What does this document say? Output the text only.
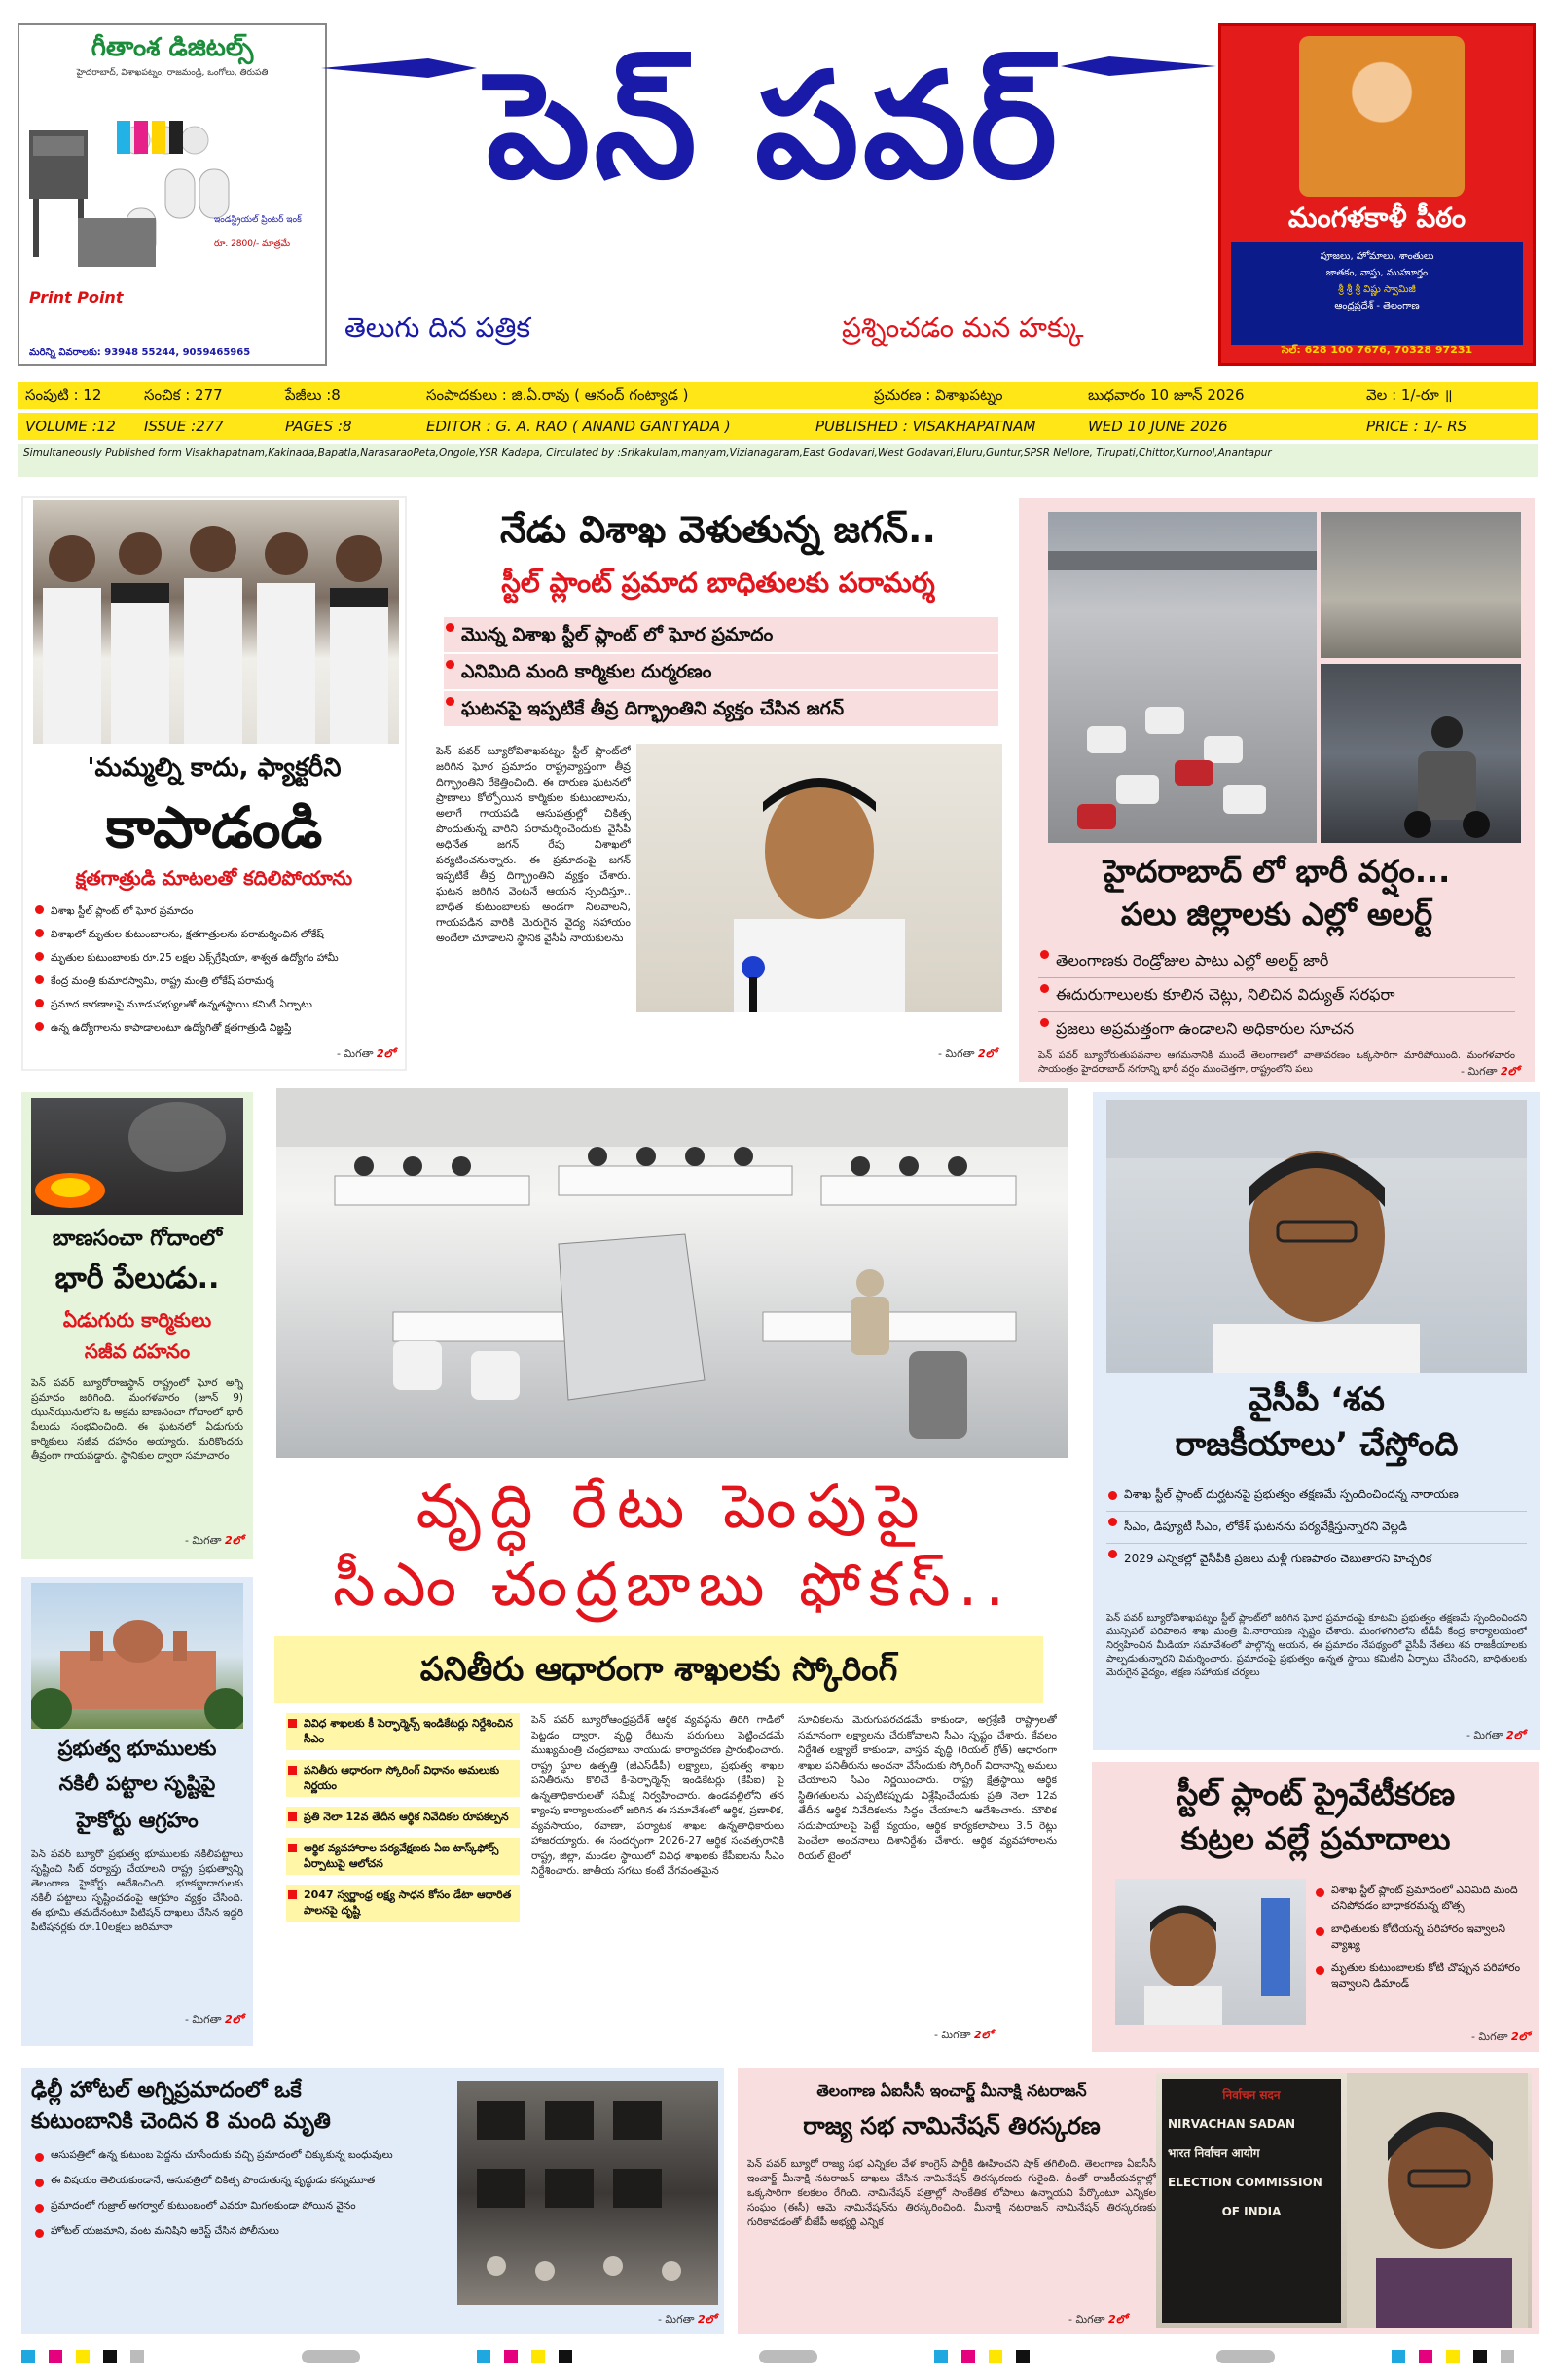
గీతాంశ డిజిటల్స్
హైదరాబాద్, విశాఖపట్నం, రాజమండ్రి, ఒంగోలు, తిరుపతి
ఇండస్ట్రియల్ ప్రింటర్ ఇంక్
రూ. 2800/- మాత్రమే
Print Point
మరిన్ని వివరాలకు: 93948 55244, 9059465965
పెన్ పవర్
తెలుగు దిన పత్రిక	ప్రశ్నించడం మన హక్కు
మంగళకాళీ పీఠం
పూజలు, హోమాలు, శాంతులు
జాతకం, వాస్తు, ముహూర్తం
శ్రీ శ్రీ శ్రీ విష్ణు స్వామిజీ
ఆంధ్రప్రదేశ్ - తెలంగాణ
సెల్: 628 100 7676, 70328 97231
సంపుటి : 12	సంచిక : 277	పేజీలు :8	సంపాదకులు : జి.ఏ.రావు ( ఆనంద్ గంట్యాడ )	ప్రచురణ : విశాఖపట్నం	బుధవారం 10 జూన్ 2026	వెల : 1/-రూ ॥
VOLUME :12 ISSUE :277	PAGES :8	EDITOR : G. A. RAO ( ANAND GANTYADA )	PUBLISHED : VISAKHAPATNAM	WED 10 JUNE 2026	PRICE : 1/- RS
Simultaneously Published form Visakhapatnam,Kakinada,Bapatla,NarasaraoPeta,Ongole,YSR Kadapa, Circulated by :Srikakulam,manyam,Vizianagaram,East Godavari,West Godavari,Eluru,Guntur,SPSR Nellore, Tirupati,Chittor,Kurnool,Anantapur
'మమ్మల్ని కాదు, ఫ్యాక్టరీని
కాపాడండి
క్షతగాత్రుడి మాటలతో కదిలిపోయాను
విశాఖ స్టీల్ ప్లాంట్ లో ఘోర ప్రమాదం
విశాఖలో మృతుల కుటుంబాలను, క్షతగాత్రులను పరామర్శించిన లోకేష్
మృతుల కుటుంబాలకు రూ.25 లక్షల ఎక్స్‌గ్రేషియా, శాశ్వత ఉద్యోగం హామీ
కేంద్ర మంత్రి కుమారస్వామి, రాష్ట్ర మంత్రి లోకేష్ పరామర్శ
ప్రమాద కారణాలపై మూడుసభ్యులతో ఉన్నతస్థాయి కమిటీ ఏర్పాటు
ఉన్న ఉద్యోగాలను కాపాడాలంటూ ఉద్యోగితో క్షతగాత్రుడి విజ్ఞప్తి
- మిగతా 2లో
నేడు విశాఖ వెళుతున్న జగన్..
స్టీల్ ప్లాంట్ ప్రమాద బాధితులకు పరామర్శ
మొన్న విశాఖ స్టీల్ ప్లాంట్ లో ఘోర ప్రమాదం
ఎనిమిది మంది కార్మికుల దుర్మరణం
ఘటనపై ఇప్పటికే తీవ్ర దిగ్భ్రాంతిని వ్యక్తం చేసిన జగన్
పెన్ పవర్ బ్యూరోవిశాఖపట్నం స్టీల్ ప్లాంట్‌లో జరిగిన ఘోర ప్రమాదం రాష్ట్రవ్యాప్తంగా తీవ్ర దిగ్భ్రాంతిని రేకెత్తించింది. ఈ దారుణ ఘటనలో ప్రాణాలు కోల్పోయిన కార్మికుల కుటుంబాలను, అలాగే గాయపడి ఆసుపత్రుల్లో చికిత్స పొందుతున్న వారిని పరామర్శించేందుకు వైసీపీ అధినేత జగన్ రేపు విశాఖలో పర్యటించనున్నారు. ఈ ప్రమాదంపై జగన్ ఇప్పటికే తీవ్ర దిగ్భ్రాంతిని వ్యక్తం చేశారు. ఘటన జరిగిన వెంటనే ఆయన స్పందిస్తూ.. బాధిత కుటుంబాలకు అండగా నిలవాలని, గాయపడిన వారికి మెరుగైన వైద్య సహాయం అందేలా చూడాలని స్థానిక వైసీపీ నాయకులను
- మిగతా 2లో
హైదరాబాద్ లో భారీ వర్షం...
పలు జిల్లాలకు ఎల్లో అలర్ట్
తెలంగాణకు రెండ్రోజుల పాటు ఎల్లో అలర్ట్ జారీ
ఈదురుగాలులకు కూలిన చెట్లు, నిలిచిన విద్యుత్ సరఫరా
ప్రజలు అప్రమత్తంగా ఉండాలని అధికారుల సూచన
పెన్ పవర్ బ్యూరోరుతుపవనాల ఆగమనానికి ముందే తెలంగాణలో వాతావరణం ఒక్కసారిగా మారిపోయింది. మంగళవారం సాయంత్రం హైదరాబాద్ నగరాన్ని భారీ వర్షం ముంచెత్తగా, రాష్ట్రంలోని పలు	- మిగతా 2లో
బాణసంచా గోదాంలో
భారీ పేలుడు..
ఏడుగురు కార్మికులు
సజీవ దహనం
పెన్ పవర్ బ్యూరోరాజస్థాన్ రాష్ట్రంలో ఘోర అగ్ని ప్రమాదం జరిగింది. మంగళవారం (జూన్ 9) ఝున్‌ఝునులోని ఓ అక్రమ బాణసంచా గోదాంలో భారీ పేలుడు సంభవించింది. ఈ ఘటనలో ఏడుగురు కార్మికులు సజీవ దహనం అయ్యారు. మరికొందరు తీవ్రంగా గాయపడ్డారు. స్థానికుల ద్వారా సమాచారం
- మిగతా 2లో	వృద్ధి రేటు పెంపుపై
సీఎం చంద్రబాబు ఫోకస్..
పనితీరు ఆధారంగా శాఖలకు స్కోరింగ్
వివిధ శాఖలకు కీ పెర్ఫార్మెన్స్ ఇండికేటర్లు నిర్దేశించిన సీఎం
పనితీరు ఆధారంగా స్కోరింగ్ విధానం అమలుకు నిర్ణయం
ప్రతి నెలా 12వ తేదీన ఆర్థిక నివేదికల రూపకల్పన
ఆర్థిక వ్యవహారాల పర్యవేక్షణకు ఏఐ టాస్క్‌ఫోర్స్ ఏర్పాటుపై ఆలోచన
2047 స్వర్ణాంధ్ర లక్ష్య సాధన కోసం డేటా ఆధారిత పాలనపై దృష్టి
పెన్ పవర్ బ్యూరోఆంధ్రప్రదేశ్ ఆర్థిక వ్యవస్థను తిరిగి గాడిలో పెట్టడం ద్వారా, వృద్ధి రేటును పరుగులు పెట్టించడమే ముఖ్యమంత్రి చంద్రబాబు నాయుడు కార్యాచరణ ప్రారంభించారు. రాష్ట్ర స్థూల ఉత్పత్తి (జీఎస్‌డీపీ) లక్ష్యాలు, ప్రభుత్వ శాఖల పనితీరును కొలిచే కీ-పెర్ఫార్మెన్స్ ఇండికేటర్లు (కేపీఐ) పై ఉన్నతాధికారులతో సమీక్ష నిర్వహించారు. ఉండవల్లిలోని తన క్యాంపు కార్యాలయంలో జరిగిన ఈ సమావేశంలో ఆర్థిక, ప్రణాళిక, వ్యవసాయం, రవాణా, పర్యాటక శాఖల ఉన్నతాధికారులు హాజరయ్యారు. ఈ సందర్భంగా 2026-27 ఆర్థిక సంవత్సరానికి రాష్ట్ర, జిల్లా, మండల స్థాయిలో వివిధ శాఖలకు కేపీఐలను సీఎం నిర్దేశించారు. జాతీయ సగటు కంటే వేగవంతమైన
సూచికలను మెరుగుపరచడమే కాకుండా, అగ్రశ్రేణి రాష్ట్రాలతో సమానంగా లక్ష్యాలను చేరుకోవాలని సీఎం స్పష్టం చేశారు. కేవలం నిర్దేశిత లక్ష్యాలే కాకుండా, వాస్తవ వృద్ధి (రియల్ గ్రోత్) ఆధారంగా శాఖల పనితీరును అంచనా వేసేందుకు స్కోరింగ్ విధానాన్ని అమలు చేయాలని సీఎం నిర్ణయించారు. రాష్ట్ర క్షేత్రస్థాయి ఆర్థిక స్థితిగతులను ఎప్పటికప్పుడు విశ్లేషించేందుకు ప్రతి నెలా 12వ తేదీన ఆర్థిక నివేదికలను సిద్ధం చేయాలని ఆదేశించారు. మౌలిక సదుపాయాలపై పెట్టే వ్యయం, ఆర్థిక కార్యకలాపాలు 3.5 రెట్లు పెంచేలా అంచనాలు దిశానిర్దేశం చేశారు. ఆర్థిక వ్యవహారాలను రియల్ టైంలో
- మిగతా 2లో
వైసీపీ ‘శవ
రాజకీయాలు’ చేస్తోంది
విశాఖ స్టీల్ ప్లాంట్ దుర్ఘటనపై ప్రభుత్వం తక్షణమే స్పందించిందన్న నారాయణ
సీఎం, డిప్యూటీ సీఎం, లోకేశ్ ఘటనను పర్యవేక్షిస్తున్నారని వెల్లడి
2029 ఎన్నికల్లో వైసీపీకి ప్రజలు మళ్లీ గుణపాఠం చెబుతారని హెచ్చరిక
పెన్ పవర్ బ్యూరోవిశాఖపట్నం స్టీల్ ప్లాంట్‌లో జరిగిన ఘోర ప్రమాదంపై కూటమి ప్రభుత్వం తక్షణమే స్పందించిందని మున్సిపల్ పరిపాలన శాఖ మంత్రి పి.నారాయణ స్పష్టం చేశారు. మంగళగిరిలోని టీడీపీ కేంద్ర కార్యాలయంలో నిర్వహించిన మీడియా సమావేశంలో పాల్గొన్న ఆయన, ఈ ప్రమాదం నేపథ్యంలో వైసీపీ నేతలు శవ రాజకీయాలకు పాల్పడుతున్నారని విమర్శించారు. ప్రమాదంపై ప్రభుత్వం ఉన్నత స్థాయి కమిటీని ఏర్పాటు చేసిందని, బాధితులకు మెరుగైన వైద్యం, తక్షణ సహాయక చర్యలు
- మిగతా 2లో
ప్రభుత్వ భూములకు
నకిలీ పట్టాల సృష్టిపై
హైకోర్టు ఆగ్రహం
పెన్ పవర్ బ్యూరో ప్రభుత్వ భూములకు నకిలీపట్టాలు సృష్టించి సిట్ దర్యాప్తు చేయాలని రాష్ట్ర ప్రభుత్వాన్ని తెలంగాణ హైకోర్టు ఆదేశించింది. భూకబ్జాదారులకు నకిలీ పట్టాలు సృష్టించడంపై ఆగ్రహం వ్యక్తం చేసింది. ఈ భూమి తమదేనంటూ పిటిషన్ దాఖలు చేసిన ఇద్దరి పిటిషనర్లకు రూ.10లక్షలు జరిమానా
- మిగతా 2లో
స్టీల్ ప్లాంట్ ప్రైవేటీకరణ
కుట్రల వల్లే ప్రమాదాలు
విశాఖ స్టీల్ ప్లాంట్ ప్రమాదంలో ఎనిమిది మంది చనిపోవడం బాధాకరమన్న బొత్స
బాధితులకు కోటియన్న పరిహారం ఇవ్వాలని వ్యాఖ్య
మృతుల కుటుంబాలకు కోటి చొప్పున పరిహారం ఇవ్వాలని డిమాండ్
- మిగతా 2లో
ఢిల్లీ హోటల్ అగ్నిప్రమాదంలో ఒకే
కుటుంబానికి చెందిన 8 మంది మృతి
ఆసుపత్రిలో ఉన్న కుటుంబ పెద్దను చూసేందుకు వచ్చి ప్రమాదంలో చిక్కుకున్న బంధువులు
ఈ విషయం తెలియకుండానే, ఆసుపత్రిలో చికిత్స పొందుతున్న వృద్ధుడు కన్నుమూత
ప్రమాదంలో గుజ్రాల్ అగర్వాల్ కుటుంబంలో ఎవరూ మిగలకుండా పోయిన వైనం
హోటల్ యజమాని, వంట మనిషిని అరెస్ట్ చేసిన పోలీసులు
- మిగతా 2లో
తెలంగాణ ఏఐసీసీ ఇంచార్జ్ మీనాక్షి నటరాజన్
రాజ్య సభ నామినేషన్ తిరస్కరణ
పెన్ పవర్ బ్యూరో రాజ్య సభ ఎన్నికల వేళ కాంగ్రెస్ పార్టీకి ఊహించని షాక్ తగిలింది. తెలంగాణ ఏఐసీసీ ఇంచార్జ్ మీనాక్షి నటరాజన్ దాఖలు చేసిన నామినేషన్ తిరస్కరణకు గురైంది. దీంతో రాజకీయవర్గాల్లో ఒక్కసారిగా కలకలం రేగింది. నామినేషన్ పత్రాల్లో సాంకేతిక లోపాలు ఉన్నాయని పేర్కొంటూ ఎన్నికల సంఘం (ఈసీ) ఆమె నామినేషన్‌ను తిరస్కరించింది. మీనాక్షి నటరాజన్ నామినేషన్ తిరస్కరణకు గురికావడంతో బీజేపీ అభ్యర్థి ఎన్నిక
निर्वाचन सदन
NIRVACHAN SADAN
भारत निर्वाचन आयोग
ELECTION COMMISSION
OF INDIA
- మిగతా 2లో
